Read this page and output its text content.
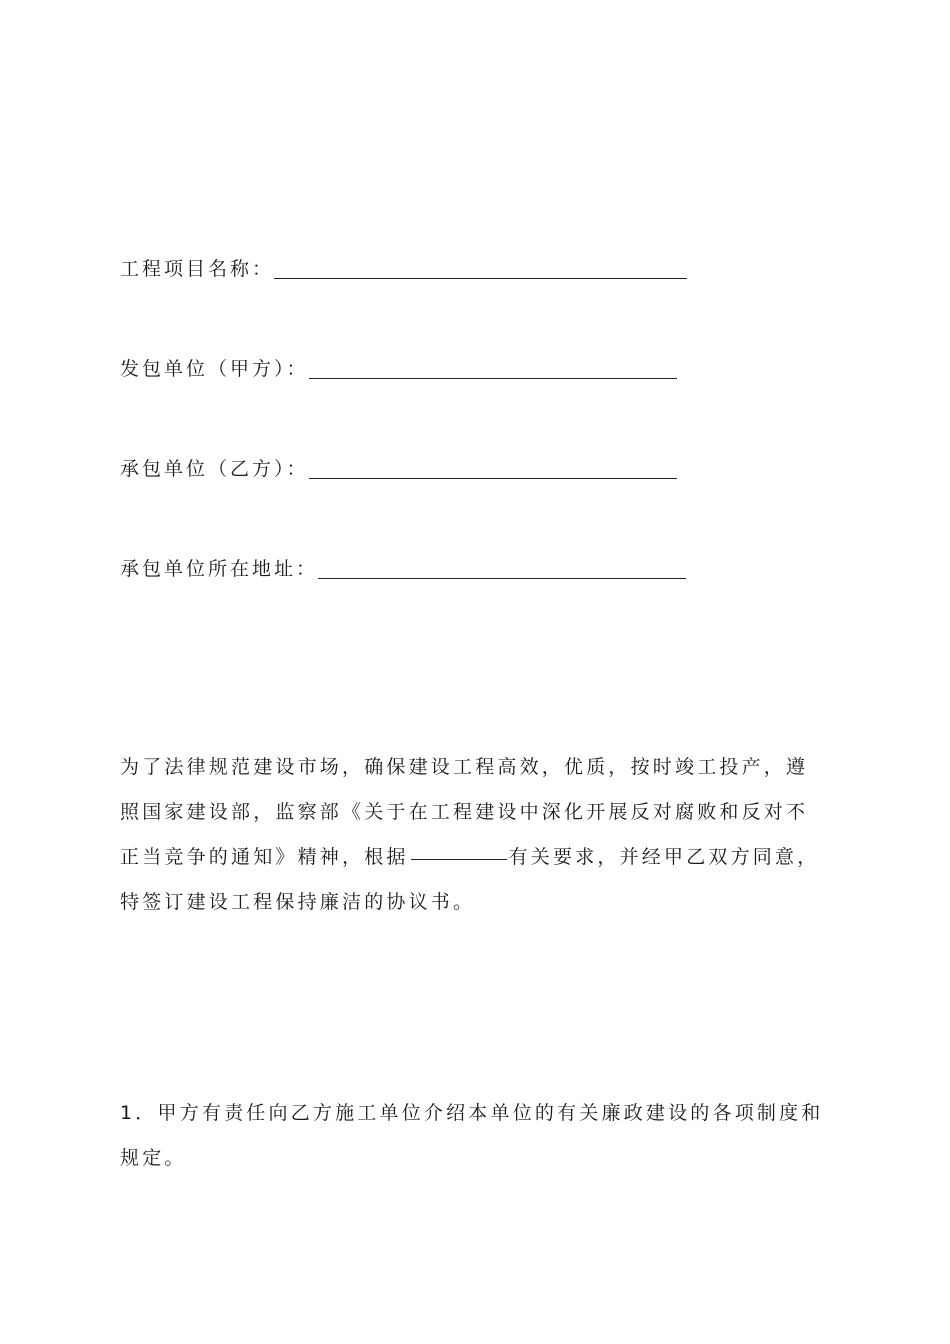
工程项目名称：
发包单位（甲方）：
承包单位（乙方）：
承包单位所在地址：

为了法律规范建设市场，确保建设工程高效，优质，按时竣工投产，遵
照国家建设部，监察部《关于在工程建设中深化开展反对腐败和反对不
正当竞争的通知》精神，根据	有关要求，并经甲乙双方同意，
特签订建设工程保持廉洁的协议书。

1．甲方有责任向乙方施工单位介绍本单位的有关廉政建设的各项制度和
规定。
